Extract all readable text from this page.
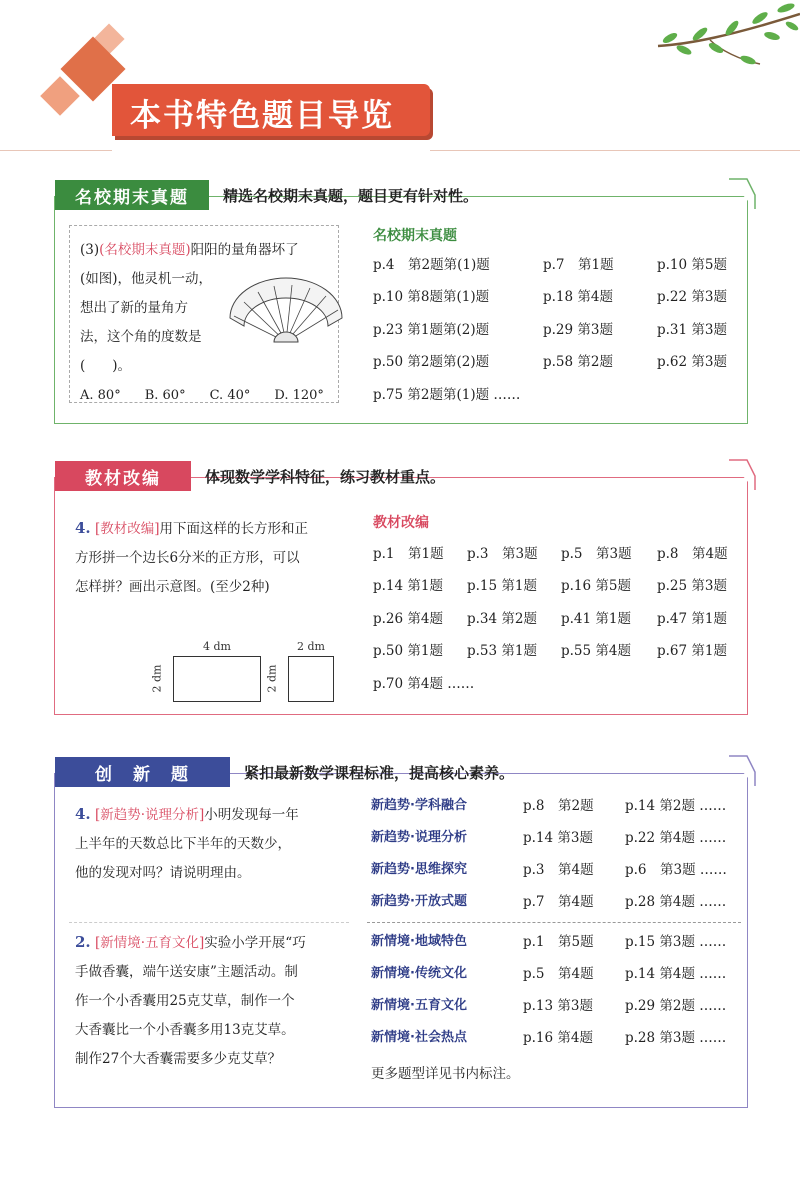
本书特色题目导览
名校期末真题	精选名校期末真题，题目更有针对性。
(3)(名校期末真题)阳阳的量角器坏了
(如图)，他灵机一动，
想出了新的量角方
法，这个角的度数是
(　　)。
A. 80° B. 60° C. 40° D. 120°
名校期末真题
p.4　第2题第(1)题	p.7　第1题	p.10 第5题
p.10 第8题第(1)题	p.18 第4题	p.22 第3题
p.23 第1题第(2)题	p.29 第3题	p.31 第3题
p.50 第2题第(2)题	p.58 第2题	p.62 第3题
p.75 第2题第(1)题 ……
教材改编	体现数学学科特征，练习教材重点。
4. [教材改编]用下面这样的长方形和正
方形拼一个边长6分米的正方形，可以
怎样拼？画出示意图。(至少2种)
4 dm
2 dm
2 dm
2 dm
教材改编
p.1　第1题	p.3　第3题	p.5　第3题	p.8　第4题
p.14 第1题	p.15 第1题	p.16 第5题	p.25 第3题
p.26 第4题	p.34 第2题	p.41 第1题	p.47 第1题
p.50 第1题	p.53 第1题	p.55 第4题	p.67 第1题
p.70 第4题 ……
创　新　题	紧扣最新数学课程标准，提高核心素养。
4. [新趋势·说理分析]小明发现每一年
上半年的天数总比下半年的天数少，
他的发现对吗？请说明理由。
2. [新情境·五育文化]实验小学开展“巧
手做香囊，端午送安康”主题活动。制
作一个小香囊用25克艾草，制作一个
大香囊比一个小香囊多用13克艾草。
制作27个大香囊需要多少克艾草？
新趋势·学科融合	p.8　第2题	p.14 第2题 ……
新趋势·说理分析	p.14 第3题	p.22 第4题 ……
新趋势·思维探究	p.3　第4题	p.6　第3题 ……
新趋势·开放式题	p.7　第4题	p.28 第4题 ……
新情境·地域特色	p.1　第5题	p.15 第3题 ……
新情境·传统文化	p.5　第4题	p.14 第4题 ……
新情境·五育文化	p.13 第3题	p.29 第2题 ……
新情境·社会热点	p.16 第4题	p.28 第3题 ……
更多题型详见书内标注。
